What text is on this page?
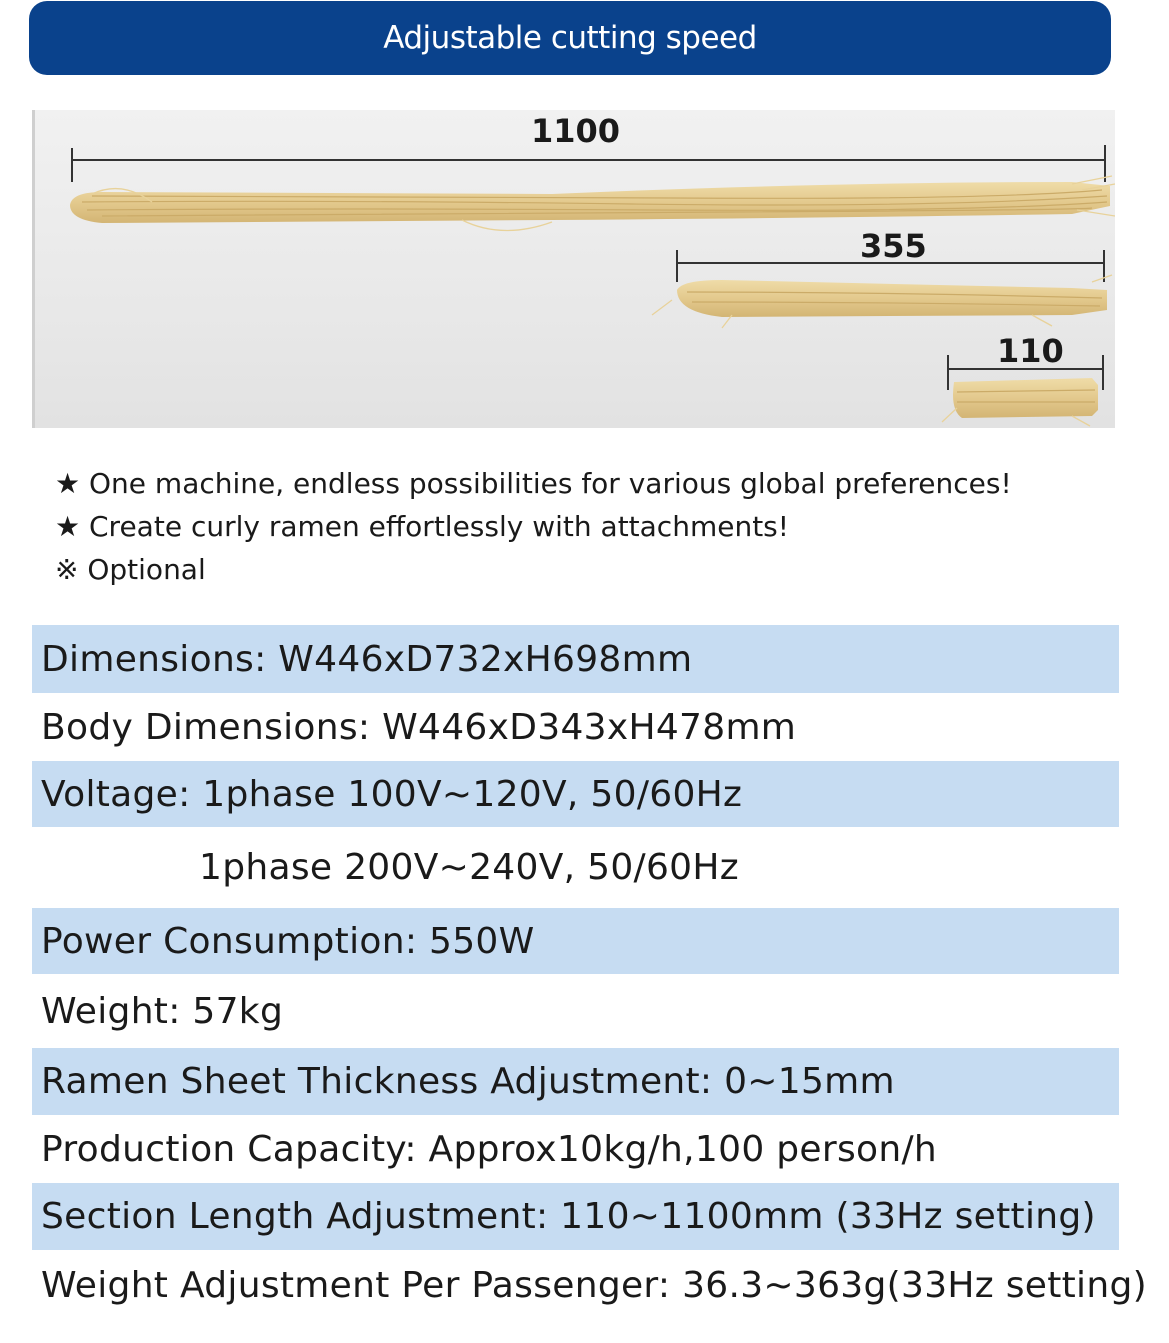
Adjustable cutting speed
1100
355
110
★ One machine, endless possibilities for various global preferences!
★ Create curly ramen effortlessly with attachments!
※ Optional
Dimensions: W446xD732xH698mm
Body Dimensions: W446xD343xH478mm
Voltage: 1phase 100V~120V, 50/60Hz
1phase 200V~240V, 50/60Hz
Power Consumption: 550W
Weight: 57kg
Ramen Sheet Thickness Adjustment: 0~15mm
Production Capacity: Approx10kg/h,100 person/h
Section Length Adjustment: 110~1100mm (33Hz setting)
Weight Adjustment Per Passenger: 36.3~363g(33Hz setting)
